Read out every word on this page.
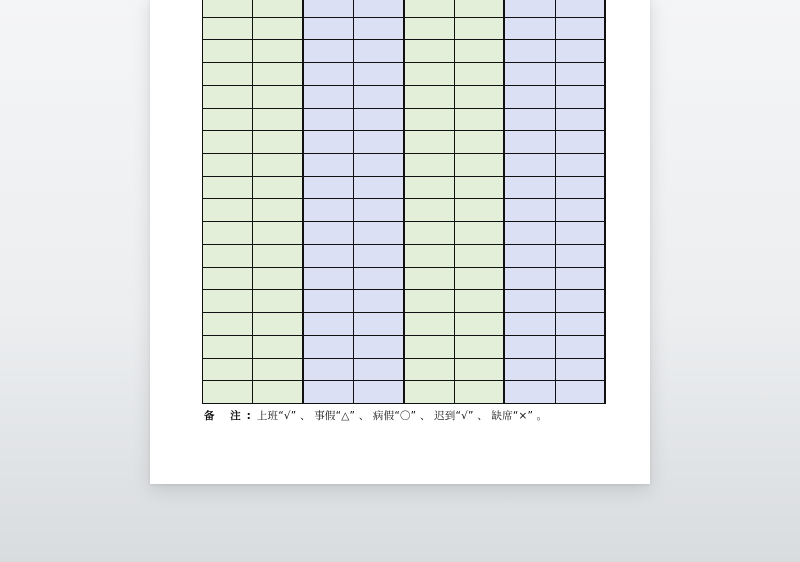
备 注:上班“√” 、 事假“△” 、 病假“〇” 、 迟到“√” 、 缺席“×” 。
